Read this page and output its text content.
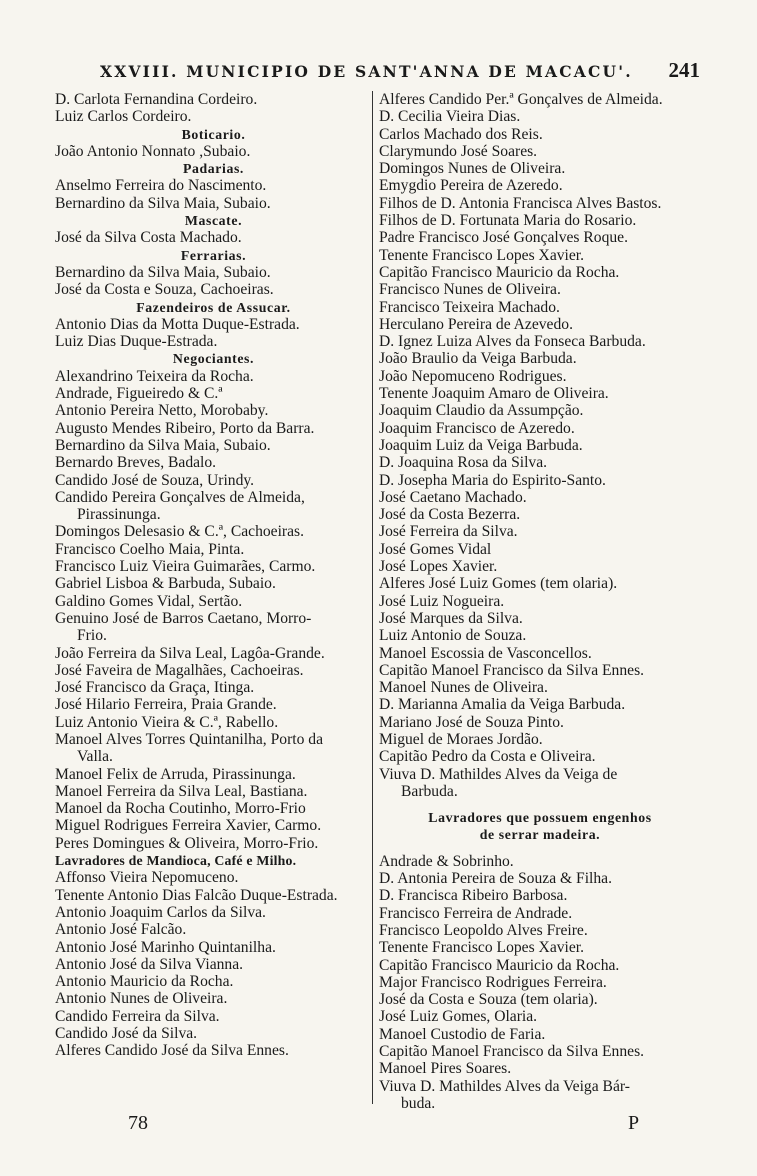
XXVIII. MUNICIPIO DE SANT'ANNA DE MACACU'. 241
D. Carlota Fernandina Cordeiro.
Luiz Carlos Cordeiro.
Boticario.
João Antonio Nonnato ,Subaio.
Padarias.
Anselmo Ferreira do Nascimento.
Bernardino da Silva Maia, Subaio.
Mascate.
José da Silva Costa Machado.
Ferrarias.
Bernardino da Silva Maia, Subaio.
José da Costa e Souza, Cachoeiras.
Fazendeiros de Assucar.
Antonio Dias da Motta Duque-Estrada.
Luiz Dias Duque-Estrada.
Negociantes.
Alexandrino Teixeira da Rocha.
Andrade, Figueiredo & C.ª
Antonio Pereira Netto, Morobaby.
Augusto Mendes Ribeiro, Porto da Barra.
Bernardino da Silva Maia, Subaio.
Bernardo Breves, Badalo.
Candido José de Souza, Urindy.
Candido Pereira Gonçalves de Almeida,
Pirassinunga.
Domingos Delesasio & C.ª, Cachoeiras.
Francisco Coelho Maia, Pinta.
Francisco Luiz Vieira Guimarães, Carmo.
Gabriel Lisboa & Barbuda, Subaio.
Galdino Gomes Vidal, Sertão.
Genuino José de Barros Caetano, Morro-
Frio.
João Ferreira da Silva Leal, Lagôa-Grande.
José Faveira de Magalhães, Cachoeiras.
José Francisco da Graça, Itinga.
José Hilario Ferreira, Praia Grande.
Luiz Antonio Vieira & C.ª, Rabello.
Manoel Alves Torres Quintanilha, Porto da
Valla.
Manoel Felix de Arruda, Pirassinunga.
Manoel Ferreira da Silva Leal, Bastiana.
Manoel da Rocha Coutinho, Morro-Frio
Miguel Rodrigues Ferreira Xavier, Carmo.
Peres Domingues & Oliveira, Morro-Frio.
Lavradores de Mandioca, Café e Milho.
Affonso Vieira Nepomuceno.
Tenente Antonio Dias Falcão Duque-Estrada.
Antonio Joaquim Carlos da Silva.
Antonio José Falcão.
Antonio José Marinho Quintanilha.
Antonio José da Silva Vianna.
Antonio Mauricio da Rocha.
Antonio Nunes de Oliveira.
Candido Ferreira da Silva.
Candido José da Silva.
Alferes Candido José da Silva Ennes.
Alferes Candido Per.ª Gonçalves de Almeida.
D. Cecilia Vieira Dias.
Carlos Machado dos Reis.
Clarymundo José Soares.
Domingos Nunes de Oliveira.
Emygdio Pereira de Azeredo.
Filhos de D. Antonia Francisca Alves Bastos.
Filhos de D. Fortunata Maria do Rosario.
Padre Francisco José Gonçalves Roque.
Tenente Francisco Lopes Xavier.
Capitão Francisco Mauricio da Rocha.
Francisco Nunes de Oliveira.
Francisco Teixeira Machado.
Herculano Pereira de Azevedo.
D. Ignez Luiza Alves da Fonseca Barbuda.
João Braulio da Veiga Barbuda.
João Nepomuceno Rodrigues.
Tenente Joaquim Amaro de Oliveira.
Joaquim Claudio da Assumpção.
Joaquim Francisco de Azeredo.
Joaquim Luiz da Veiga Barbuda.
D. Joaquina Rosa da Silva.
D. Josepha Maria do Espirito-Santo.
José Caetano Machado.
José da Costa Bezerra.
José Ferreira da Silva.
José Gomes Vidal
José Lopes Xavier.
Alferes José Luiz Gomes (tem olaria).
José Luiz Nogueira.
José Marques da Silva.
Luiz Antonio de Souza.
Manoel Escossia de Vasconcellos.
Capitão Manoel Francisco da Silva Ennes.
Manoel Nunes de Oliveira.
D. Marianna Amalia da Veiga Barbuda.
Mariano José de Souza Pinto.
Miguel de Moraes Jordão.
Capitão Pedro da Costa e Oliveira.
Viuva D. Mathildes Alves da Veiga de
Barbuda.
Lavradores que possuem engenhos
de serrar madeira.
Andrade & Sobrinho.
D. Antonia Pereira de Souza & Filha.
D. Francisca Ribeiro Barbosa.
Francisco Ferreira de Andrade.
Francisco Leopoldo Alves Freire.
Tenente Francisco Lopes Xavier.
Capitão Francisco Mauricio da Rocha.
Major Francisco Rodrigues Ferreira.
José da Costa e Souza (tem olaria).
José Luiz Gomes, Olaria.
Manoel Custodio de Faria.
Capitão Manoel Francisco da Silva Ennes.
Manoel Pires Soares.
Viuva D. Mathildes Alves da Veiga Bár-
buda.
78	P
